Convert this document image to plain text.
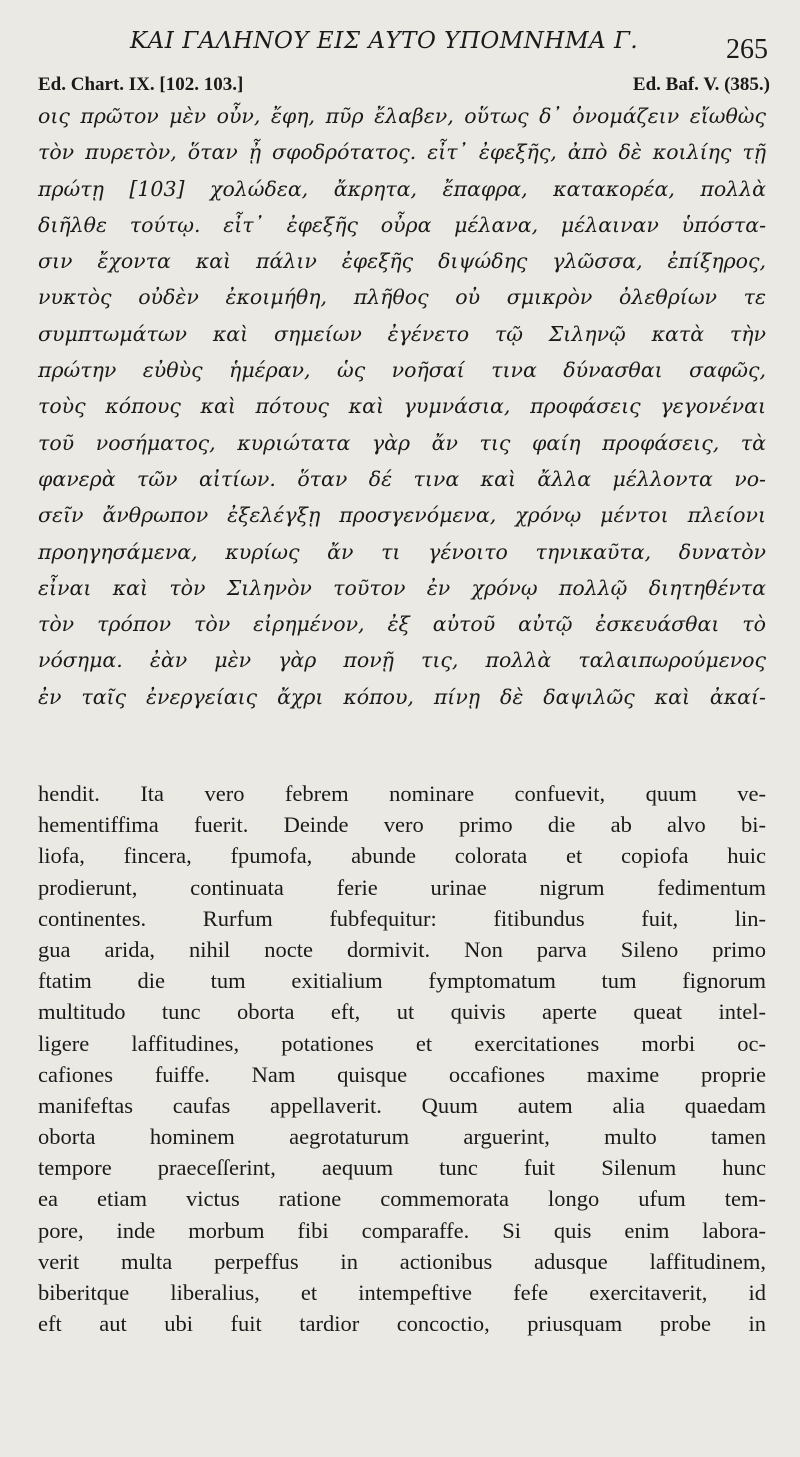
ΚΑΙ ΓΑΛΗΝΟΥ ΕΙΣ ΑΥΤΟ ΥΠΟΜΝΗΜΑ Γ.	265
Ed. Chart. IX. [102. 103.]	Ed. Baf. V. (385.)
οις πρῶτον μὲν οὖν, ἔφη, πῦρ ἔλαβεν, οὕτως δ᾽ ὀνομάζειν εἴωθὼς
τὸν πυρετὸν, ὅταν ᾖ σφοδρότατος. εἶτ᾽ ἐφεξῆς, ἀπὸ δὲ κοιλίης τῇ
πρώτῃ [103] χολώδεα, ἄκρητα, ἔπαφρα, κατακορέα, πολλὰ
διῆλθε τούτῳ. εἶτ᾽ ἐφεξῆς οὖρα μέλανα, μέλαιναν ὑπόστα-
σιν ἔχοντα καὶ πάλιν ἐφεξῆς διψώδης γλῶσσα, ἐπίξηρος,
νυκτὸς οὐδὲν ἐκοιμήθη, πλῆθος οὐ σμικρὸν ὀλεθρίων τε
συμπτωμάτων καὶ σημείων ἐγένετο τῷ Σιληνῷ κατὰ τὴν
πρώτην εὐθὺς ἡμέραν, ὡς νοῆσαί τινα δύνασθαι σαφῶς,
τοὺς κόπους καὶ πότους καὶ γυμνάσια, προφάσεις γεγονέναι
τοῦ νοσήματος, κυριώτατα γὰρ ἄν τις φαίη προφάσεις, τὰ
φανερὰ τῶν αἰτίων. ὅταν δέ τινα καὶ ἄλλα μέλλοντα νο-
σεῖν ἄνθρωπον ἐξελέγξῃ προσγενόμενα, χρόνῳ μέντοι πλείονι
προηγησάμενα, κυρίως ἄν τι γένοιτο τηνικαῦτα, δυνατὸν
εἶναι καὶ τὸν Σιληνὸν τοῦτον ἐν χρόνῳ πολλῷ διητηθέντα
τὸν τρόπον τὸν εἰρημένον, ἐξ αὐτοῦ αὐτῷ ἐσκευάσθαι τὸ
νόσημα. ἐὰν μὲν γὰρ πονῇ τις, πολλὰ ταλαιπωρούμενος
ἐν ταῖς ἐνεργείαις ἄχρι κόπου, πίνῃ δὲ δαψιλῶς καὶ ἀκαί-
hendit. Ita vero febrem nominare confuevit, quum ve-
hementiffima fuerit. Deinde vero primo die ab alvo bi-
liofa, fincera, fpumofa, abunde colorata et copiofa huic
prodierunt, continuata ferie urinae nigrum fedimentum
continentes. Rurfum fubfequitur: fitibundus fuit, lin-
gua arida, nihil nocte dormivit. Non parva Sileno primo
ftatim die tum exitialium fymptomatum tum fignorum
multitudo tunc oborta eft, ut quivis aperte queat intel-
ligere laffitudines, potationes et exercitationes morbi oc-
cafiones fuiffe. Nam quisque occafiones maxime proprie
manifeftas caufas appellaverit. Quum autem alia quaedam
oborta hominem aegrotaturum arguerint, multo tamen
tempore praeceſſerint, aequum tunc fuit Silenum hunc
ea etiam victus ratione commemorata longo ufum tem-
pore, inde morbum fibi comparaffe. Si quis enim labora-
verit multa perpeffus in actionibus adusque laffitudinem,
biberitque liberalius, et intempeftive fefe exercitaverit, id
eft aut ubi fuit tardior concoctio, priusquam probe in
